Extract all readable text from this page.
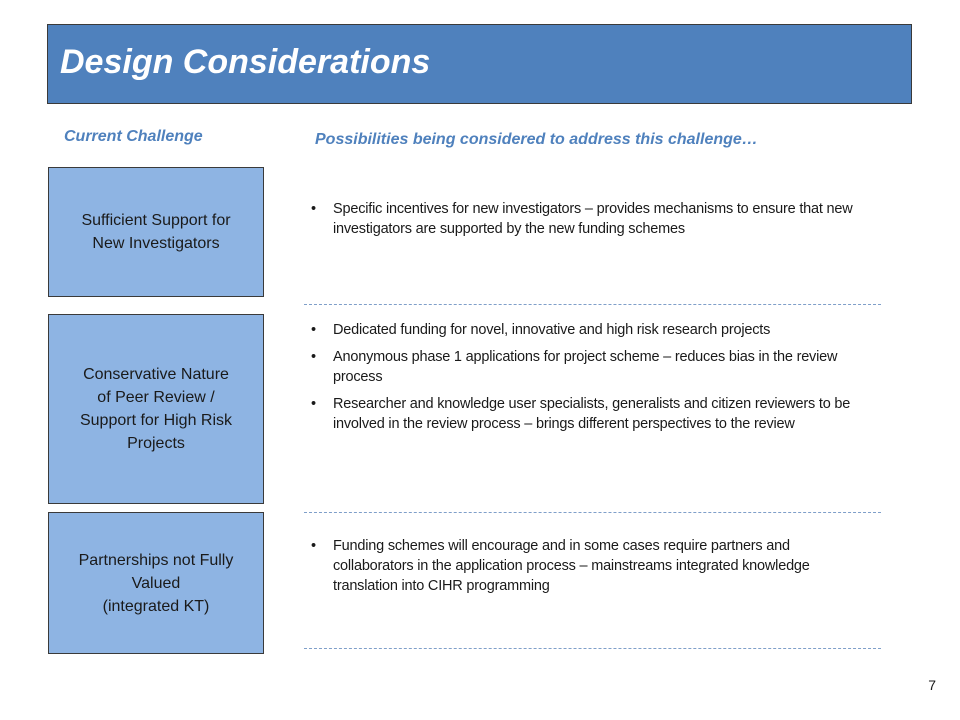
Design Considerations
Current Challenge	Possibilities being considered to address this challenge…
Sufficient Support for
New Investigators
• Specific incentives for new investigators – provides mechanisms to ensure that new investigators are supported by the new funding schemes
Conservative Nature
of Peer Review /
Support for High Risk
Projects
• Dedicated funding for novel, innovative and high risk research projects
• Anonymous phase 1 applications for project scheme – reduces bias in the review process
• Researcher and knowledge user specialists, generalists and citizen reviewers to be involved in the review process – brings different perspectives to the review
Partnerships not Fully
Valued
(integrated KT)
• Funding schemes will encourage and in some cases require partners and collaborators in the application process – mainstreams integrated knowledge translation into CIHR programming
7
